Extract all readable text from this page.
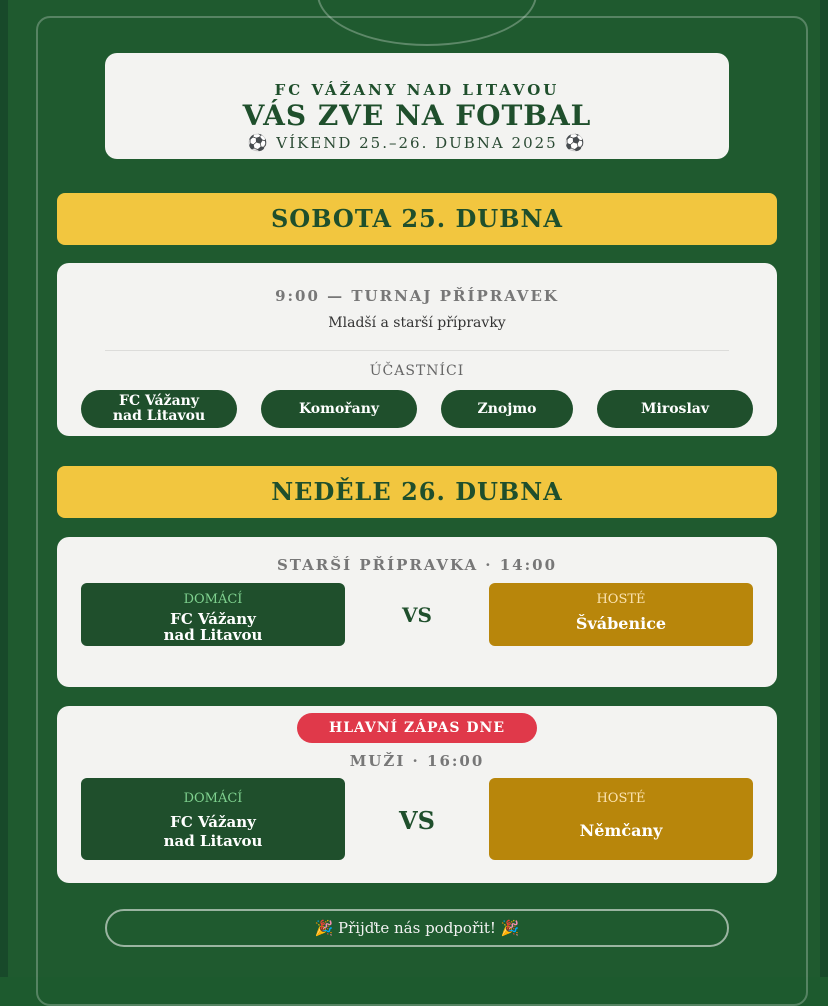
FC VÁŽANY NAD LITAVOU
VÁS ZVE NA FOTBAL
⚽ VÍKEND 25.–26. DUBNA 2025 ⚽
SOBOTA 25. DUBNA
9:00 — TURNAJ PŘÍPRAVEK
Mladší a starší přípravky
ÚČASTNÍCI
FC Vážany
nad Litavou	Komořany	Znojmo	Miroslav
NEDĚLE 26. DUBNA
STARŠÍ PŘÍPRAVKA · 14:00
DOMÁCÍ
FC Vážany
nad Litavou
VS
HOSTÉ
Švábenice
HLAVNÍ ZÁPAS DNE
MUŽI · 16:00
DOMÁCÍ
FC Vážany
nad Litavou
VS
HOSTÉ
Němčany
🎉 Přijďte nás podpořit! 🎉
